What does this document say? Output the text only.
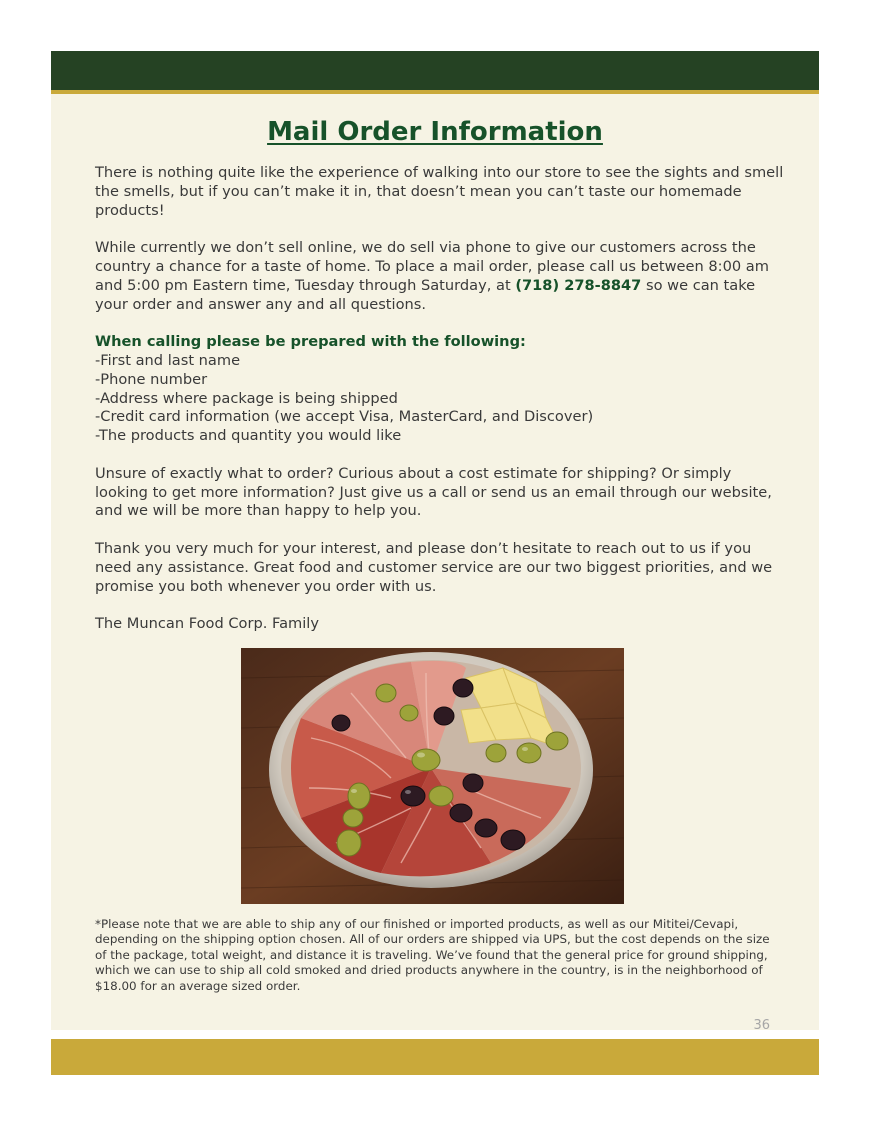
Mail Order Information

There is nothing quite like the experience of walking into our store to see the sights and smell the smells, but if you can’t make it in, that doesn’t mean you can’t taste our homemade products!

While currently we don’t sell online, we do sell via phone to give our customers across the country a chance for a taste of home. To place a mail order, please call us between 8:00 am and 5:00 pm Eastern time, Tuesday through Saturday, at (718) 278-8847 so we can take your order and answer any and all questions.

When calling please be prepared with the following:
-First and last name
-Phone number
-Address where package is being shipped
-Credit card information (we accept Visa, MasterCard, and Discover)
-The products and quantity you would like

Unsure of exactly what to order? Curious about a cost estimate for shipping? Or simply looking to get more information? Just give us a call or send us an email through our website, and we will be more than happy to help you.

Thank you very much for your interest, and please don’t hesitate to reach out to us if you need any assistance. Great food and customer service are our two biggest priorities, and we promise you both whenever you order with us.

The Muncan Food Corp. Family

*Please note that we are able to ship any of our finished or imported products, as well as our Mititei/Cevapi, depending on the shipping option chosen. All of our orders are shipped via UPS, but the cost depends on the size of the package, total weight, and distance it is traveling. We’ve found that the general price for ground shipping, which we can use to ship all cold smoked and dried products anywhere in the country, is in the neighborhood of $18.00 for an average sized order.

36
